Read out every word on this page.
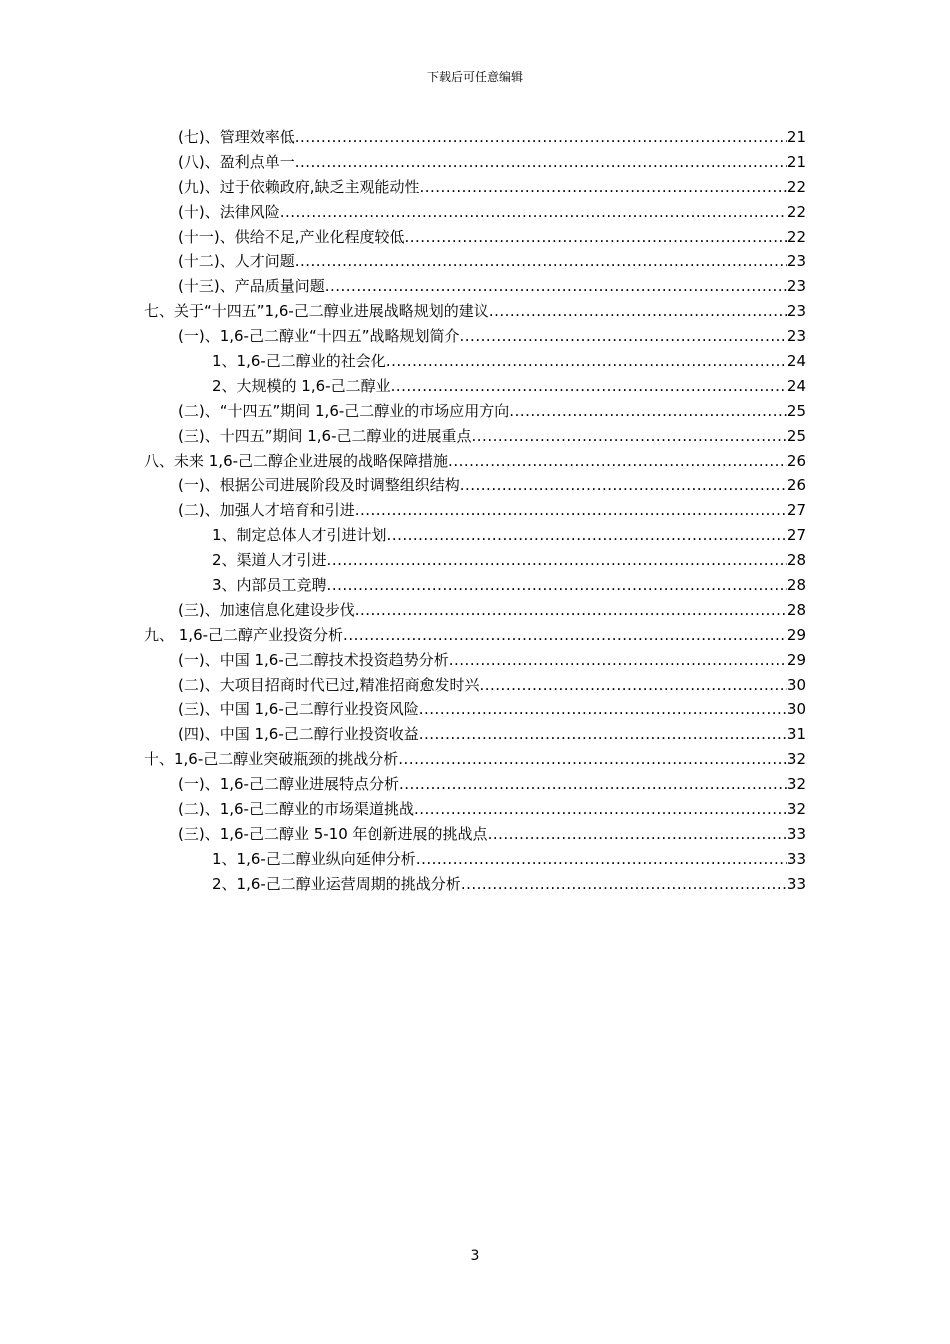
下载后可任意编辑
(七)、管理效率低 .....	21
(八)、盈利点单一 .....	21
(九)、过于依赖政府,缺乏主观能动性 .....	22
(十)、法律风险 .....	22
(十一)、供给不足,产业化程度较低 .....	22
(十二)、人才问题 .....	23
(十三)、产品质量问题 .....	23
七、关于“十四五”1,6-己二醇业进展战略规划的建议 .....	23
(一)、1,6-己二醇业“十四五”战略规划简介 .....	23
1、1,6-己二醇业的社会化 .....	24
2、大规模的 1,6-己二醇业 .....	24
(二)、“十四五”期间 1,6-己二醇业的市场应用方向 .....	25
(三)、十四五”期间 1,6-己二醇业的进展重点 .....	25
八、未来 1,6-己二醇企业进展的战略保障措施 .....	26
(一)、根据公司进展阶段及时调整组织结构 .....	26
(二)、加强人才培育和引进 .....	27
1、制定总体人才引进计划 .....	27
2、渠道人才引进 .....	28
3、内部员工竞聘 .....	28
(三)、加速信息化建设步伐 .....	28
九、 1,6-己二醇产业投资分析 .....	29
(一)、中国 1,6-己二醇技术投资趋势分析 .....	29
(二)、大项目招商时代已过,精准招商愈发时兴 .....	30
(三)、中国 1,6-己二醇行业投资风险 .....	30
(四)、中国 1,6-己二醇行业投资收益 .....	31
十、1,6-己二醇业突破瓶颈的挑战分析 .....	32
(一)、1,6-己二醇业进展特点分析 .....	32
(二)、1,6-己二醇业的市场渠道挑战 .....	32
(三)、1,6-己二醇业 5-10 年创新进展的挑战点 .....	33
1、1,6-己二醇业纵向延伸分析 .....	33
2、1,6-己二醇业运营周期的挑战分析 .....	33
3
